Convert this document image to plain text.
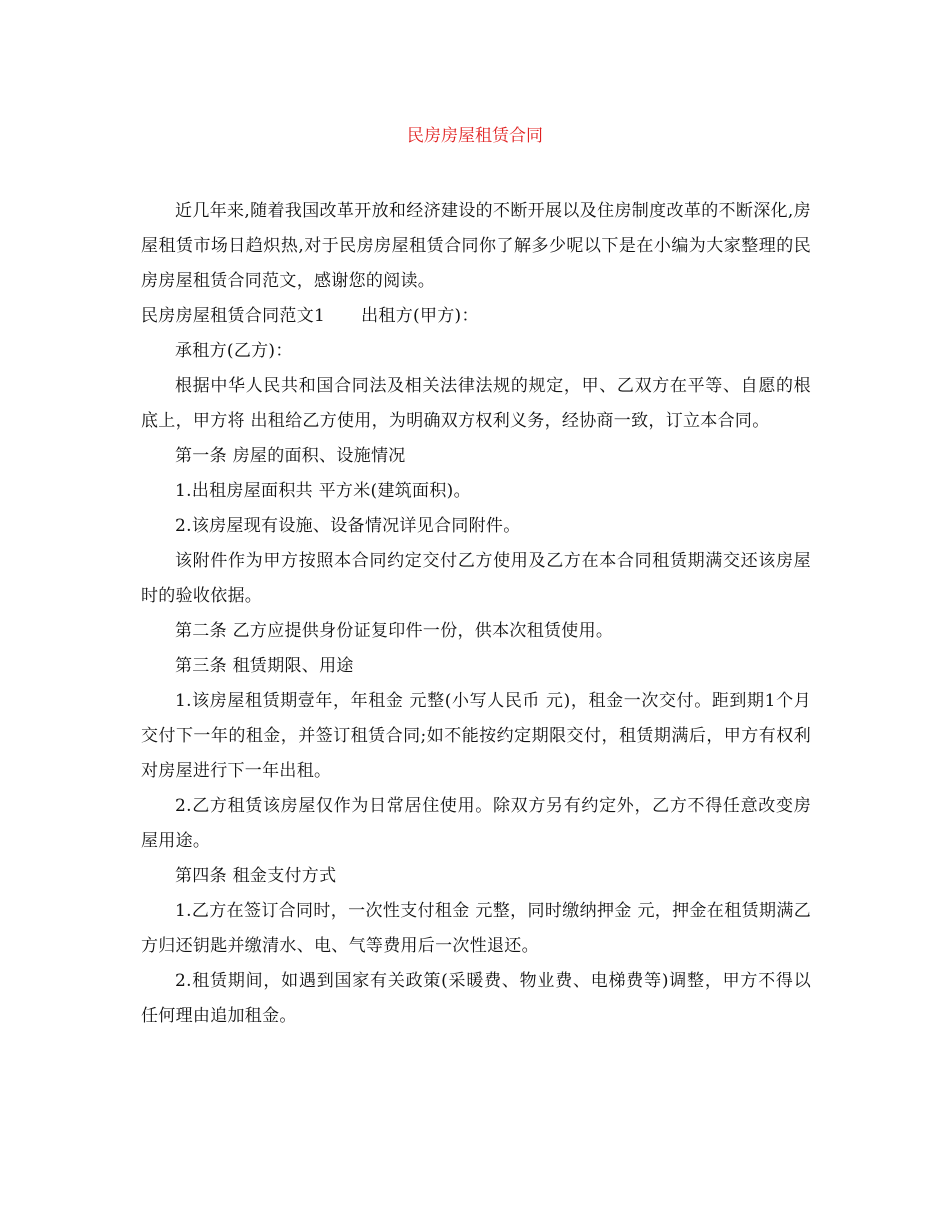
民房房屋租赁合同

近几年来,随着我国改革开放和经济建设的不断开展以及住房制度改革的不断深化,房屋租赁市场日趋炽热,对于民房房屋租赁合同你了解多少呢以下是在小编为大家整理的民房房屋租赁合同范文，感谢您的阅读。

民房房屋租赁合同范文1 出租方(甲方)：

承租方(乙方)：

根据中华人民共和国合同法及相关法律法规的规定，甲、乙双方在平等、自愿的根底上，甲方将 出租给乙方使用，为明确双方权利义务，经协商一致，订立本合同。

第一条 房屋的面积、设施情况

1.出租房屋面积共 平方米(建筑面积)。

2.该房屋现有设施、设备情况详见合同附件。

该附件作为甲方按照本合同约定交付乙方使用及乙方在本合同租赁期满交还该房屋时的验收依据。

第二条 乙方应提供身份证复印件一份，供本次租赁使用。

第三条 租赁期限、用途

1.该房屋租赁期壹年，年租金 元整(小写人民币 元)，租金一次交付。距到期1个月交付下一年的租金，并签订租赁合同;如不能按约定期限交付，租赁期满后，甲方有权利对房屋进行下一年出租。

2.乙方租赁该房屋仅作为日常居住使用。除双方另有约定外，乙方不得任意改变房屋用途。

第四条 租金支付方式

1.乙方在签订合同时，一次性支付租金 元整，同时缴纳押金 元，押金在租赁期满乙方归还钥匙并缴清水、电、气等费用后一次性退还。

2.租赁期间，如遇到国家有关政策(采暖费、物业费、电梯费等)调整，甲方不得以任何理由追加租金。
